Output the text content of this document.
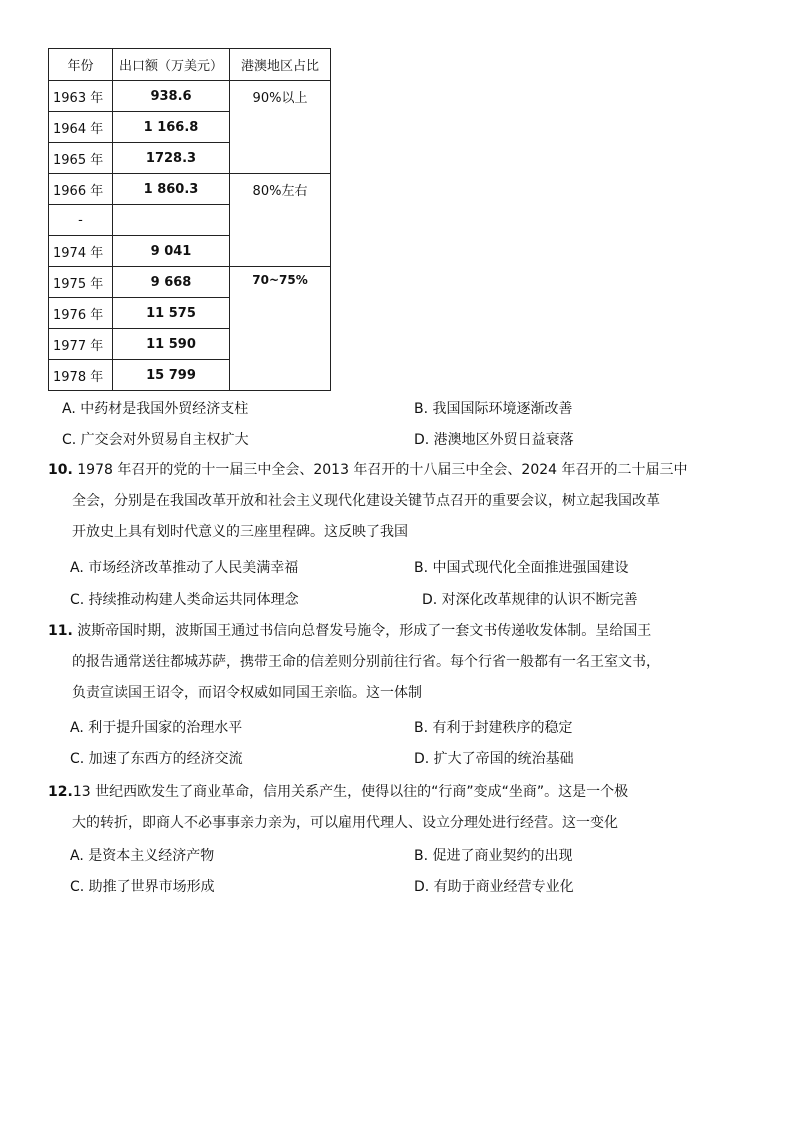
年份	出口额（万美元）	港澳地区占比
1963 年	938.6	90%以上
1964 年	1 166.8	
1965 年	1728.3	
1966 年	1 860.3	80%左右
-		
1974 年	9 041	
1975 年	9 668	70~75%
1976 年	11 575	
1977 年	11 590	
1978 年	15 799	
A. 中药材是我国外贸经济支柱	B. 我国国际环境逐渐改善
C. 广交会对外贸易自主权扩大	D. 港澳地区外贸日益衰落
10. 1978 年召开的党的十一届三中全会、2013 年召开的十八届三中全会、2024 年召开的二十届三中
全会，分别是在我国改革开放和社会主义现代化建设关键节点召开的重要会议，树立起我国改革
开放史上具有划时代意义的三座里程碑。这反映了我国
A. 市场经济改革推动了人民美满幸福	B. 中国式现代化全面推进强国建设
C. 持续推动构建人类命运共同体理念	D. 对深化改革规律的认识不断完善
11. 波斯帝国时期，波斯国王通过书信向总督发号施令，形成了一套文书传递收发体制。呈给国王
的报告通常送往都城苏萨，携带王命的信差则分别前往行省。每个行省一般都有一名王室文书，
负责宣读国王诏令，而诏令权威如同国王亲临。这一体制
A. 利于提升国家的治理水平	B. 有利于封建秩序的稳定
C. 加速了东西方的经济交流	D. 扩大了帝国的统治基础
12.13 世纪西欧发生了商业革命，信用关系产生，使得以往的“行商”变成“坐商”。这是一个极
大的转折，即商人不必事事亲力亲为，可以雇用代理人、设立分理处进行经营。这一变化
A. 是资本主义经济产物	B. 促进了商业契约的出现
C. 助推了世界市场形成	D. 有助于商业经营专业化
